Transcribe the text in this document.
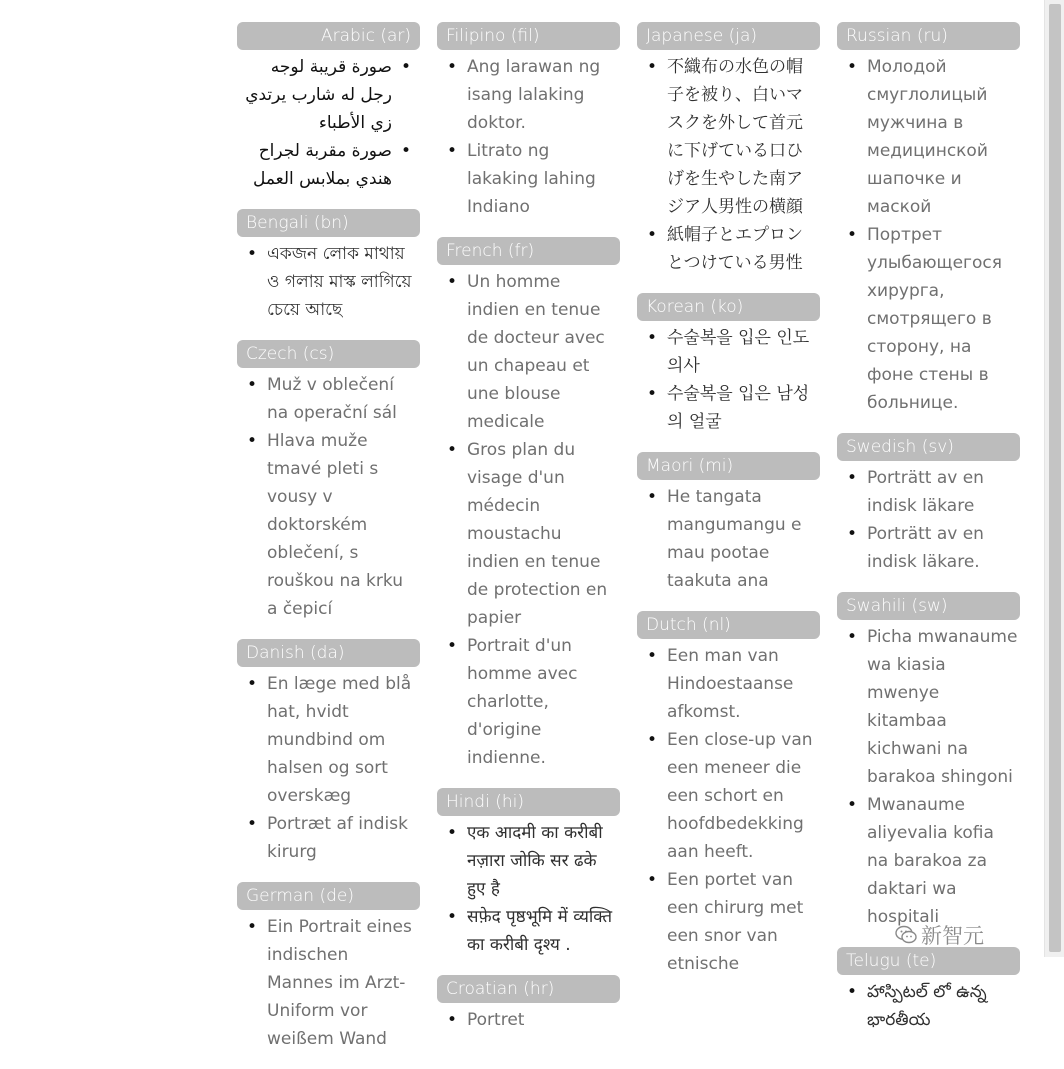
Arabic (ar)
• صورة قريبة لوجه رجل له شارب يرتدي زي الأطباء
• صورة مقربة لجراح هندي بملابس العمل
Bengali (bn)
• একজন লোক মাথায় ও গলায় মাস্ক লাগিয়ে চেয়ে আছে
Czech (cs)
• Muž v oblečení na operační sál
• Hlava muže tmavé pleti s vousy v doktorském oblečení, s rouškou na krku a čepicí
Danish (da)
• En læge med blå hat, hvidt mundbind om halsen og sort overskæg
• Portræt af indisk kirurg
German (de)
• Ein Portrait eines indischen Mannes im Arzt-Uniform vor weißem Wand
Filipino (fil)
• Ang larawan ng isang lalaking doktor.
• Litrato ng lakaking lahing Indiano
French (fr)
• Un homme indien en tenue de docteur avec un chapeau et une blouse medicale
• Gros plan du visage d'un médecin moustachu indien en tenue de protection en papier
• Portrait d'un homme avec charlotte, d'origine indienne.
Hindi (hi)
• एक आदमी का करीबी नज़ारा जोकि सर ढके हुए है
• सफ़ेद पृष्ठभूमि में व्यक्ति का करीबी दृश्य .
Croatian (hr)
• Portret
Japanese (ja)
• 不織布の水色の帽子を被り、白いマスクを外して首元に下げている口ひげを生やした南アジア人男性の横顔
• 紙帽子とエプロンとつけている男性
Korean (ko)
• 수술복을 입은 인도 의사
• 수술복을 입은 남성의 얼굴
Maori (mi)
• He tangata mangumangu e mau pootae taakuta ana
Dutch (nl)
• Een man van Hindoestaanse afkomst.
• Een close-up van een meneer die een schort en hoofdbedekking aan heeft.
• Een portet van een chirurg met een snor van etnische
Russian (ru)
• Молодой смуглолицый мужчина в медицинской шапочке и маской
• Портрет улыбающегося хирурга, смотрящего в сторону, на фоне стены в больнице.
Swedish (sv)
• Porträtt av en indisk läkare
• Porträtt av en indisk läkare.
Swahili (sw)
• Picha mwanaume wa kiasia mwenye kitambaa kichwani na barakoa shingoni
• Mwanaume aliyevalia kofia na barakoa za daktari wa hospitali
Telugu (te)
• హాస్పిటల్ లో ఉన్న భారతీయ
新智元
